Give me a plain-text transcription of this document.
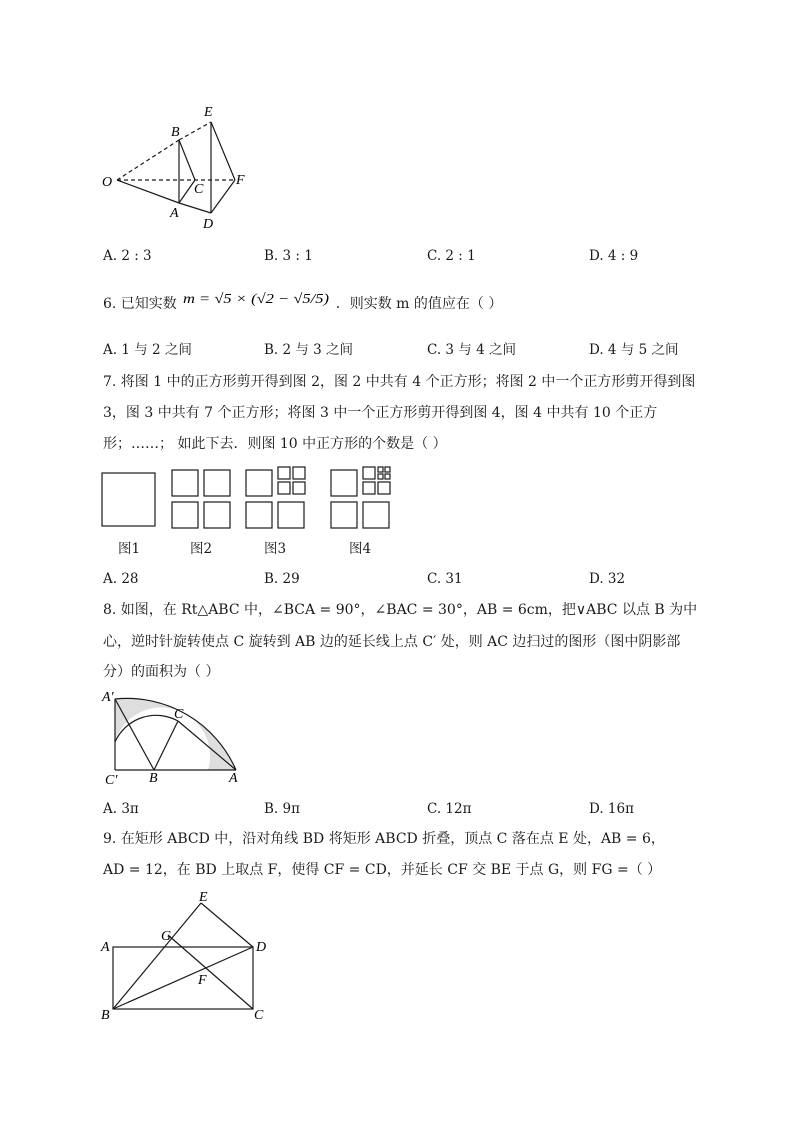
O
B
E
C
F
A
D
A. 2 : 3	B. 3 : 1	C. 2 : 1	D. 4 : 9
6. 已知实数 m = √5 × (√2 − √5/5) ．则实数 m 的值应在（ ）
A. 1 与 2 之间	B. 2 与 3 之间	C. 3 与 4 之间	D. 4 与 5 之间
7. 将图 1 中的正方形剪开得到图 2，图 2 中共有 4 个正方形；将图 2 中一个正方形剪开得到图
3，图 3 中共有 7 个正方形；将图 3 中一个正方形剪开得到图 4，图 4 中共有 10 个正方
形；……； 如此下去．则图 10 中正方形的个数是（ ）
图1	图2	图3	图4
A. 28	B. 29	C. 31	D. 32
8. 如图，在 Rt△ABC 中，∠BCA = 90°，∠BAC = 30°，AB = 6cm，把∨ABC 以点 B 为中
心，逆时针旋转使点 C 旋转到 AB 边的延长线上点 C′ 处，则 AC 边扫过的图形（图中阴影部
分）的面积为（ ）
A′
C
C′ B	A
A. 3π	B. 9π	C. 12π	D. 16π
9. 在矩形 ABCD 中，沿对角线 BD 将矩形 ABCD 折叠，顶点 C 落在点 E 处，AB = 6，
AD = 12，在 BD 上取点 F，使得 CF = CD，并延长 CF 交 BE 于点 G，则 FG =（ ）
E
G
A	D
F
B	C
